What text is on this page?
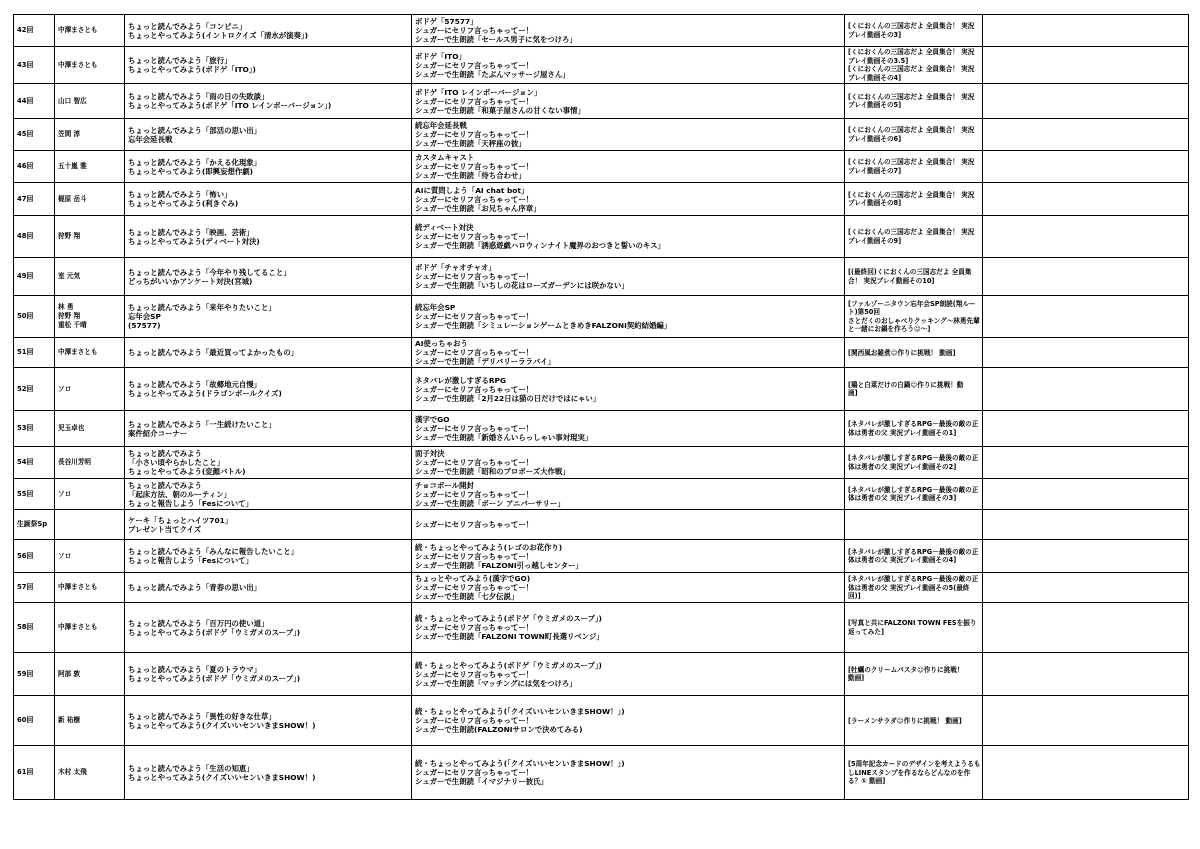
42回	中澤まさとも	ちょっと読んでみよう「コンビニ」
ちょっとやってみよう(イントロクイズ「清水が演奏」)	ボドゲ「57577」
シュガーにセリフ言っちゃってー！
シュガーで生朗読「セールス男子に気をつけろ」	[くにおくんの三国志だよ 全員集合！ 実況
プレイ動画その3]	

43回	中澤まさとも	ちょっと読んでみよう「旅行」
ちょっとやってみよう(ボドゲ「ITO」)	ボドゲ「ITO」
シュガーにセリフ言っちゃってー！
シュガーで生朗読「たぶんマッサージ屋さん」	[くにおくんの三国志だよ 全員集合！ 実況
プレイ動画その3.5]
[くにおくんの三国志だよ 全員集合！ 実況
プレイ動画その4]	

44回	山口 智広	ちょっと読んでみよう「雨の日の失敗談」
ちょっとやってみよう(ボドゲ「ITO レインボーバージョン」)	ボドゲ「ITO レインボーバージョン」
シュガーにセリフ言っちゃってー！
シュガーで生朗読「和菓子屋さんの甘くない事情」	[くにおくんの三国志だよ 全員集合！ 実況
プレイ動画その5]	

45回	笠間 淳	ちょっと読んでみよう「部活の思い出」
忘年会延長戦	続忘年会延長戦
シュガーにセリフ言っちゃってー！
シュガーで生朗読「天秤座の彼」	[くにおくんの三国志だよ 全員集合！ 実況
プレイ動画その6]	

46回	五十嵐 雅	ちょっと読んでみよう「かえる化現象」
ちょっとやってみよう(即興妄想作劇)	カスタムキャスト
シュガーにセリフ言っちゃってー！
シュガーで生朗読「待ち合わせ」	[くにおくんの三国志だよ 全員集合！ 実況
プレイ動画その7]	

47回	梶原 岳斗	ちょっと読んでみよう「怖い」
ちょっとやってみよう(利きぐみ)	AIに質問しよう「AI chat bot」
シュガーにセリフ言っちゃってー！
シュガーで生朗読「お兄ちゃん序章」	[くにおくんの三国志だよ 全員集合！ 実況
プレイ動画その8]	

48回	狩野 翔	ちょっと読んでみよう「映画、芸術」
ちょっとやってみよう(ディベート対決)	続ディベート対決
シュガーにセリフ言っちゃってー！
シュガーで生朗読「誘惑遊戯ハロウィンナイト魔界のおつきと誓いのキス」	[くにおくんの三国志だよ 全員集合！ 実況
プレイ動画その9]	

49回	室 元気	ちょっと読んでみよう「今年やり残してること」
どっちがいいかアンケート対決(宮城)	ボドゲ「チャオチャオ」
シュガーにセリフ言っちゃってー！
シュガーで生朗読「いちしの花はローズガーデンには咲かない」	[(最終回)くにおくんの三国志だよ 全員集
合！ 実況プレイ動画その10]	

50回	林 勇
狩野 翔
重松 千晴	ちょっと読んでみよう「来年やりたいこと」
忘年会SP
(57577)	続忘年会SP
シュガーにセリフ言っちゃってー！
シュガーで生朗読「シミュレーションゲームときめきFALZONI契約結婚編」	[ファルゾーニタウン忘年会SP朗読(翔ルー
ト)第50回
さとだくのおしゃべりクッキング～林勇先輩
と一緒にお鍋を作ろう☺～]	

51回	中澤まさとも	ちょっと読んでみよう「最近買ってよかったもの」	AI使っちゃおう
シュガーにセリフ言っちゃってー！
シュガーで生朗読「デリバリーララバイ」	[関西風お雑煮☺作りに挑戦！ 動画]	

52回	ソロ	ちょっと読んでみよう「故郷地元自慢」
ちょっとやってみよう(ドラゴンボールクイズ)	ネタバレが激しすぎるRPG
シュガーにセリフ言っちゃってー！
シュガーで生朗読「2月22日は猫の日だけではにゃい」	[鶏と白菜だけの白鍋☺作りに挑戦！動
画]	

53回	児玉卓也	ちょっと読んでみよう「一生続けたいこと」
案件紹介コーナー	漢字でGO
シュガーにセリフ言っちゃってー！
シュガーで生朗読「新婚さんいらっしゃい事対現実」	[ネタバレが激しすぎるRPG－最後の敵の正
体は勇者の父 実況プレイ動画その1]	

54回	長谷川芳明	ちょっと読んでみよう
「小さい頃やらかしたこと」
ちょっとやってみよう(変顔バトル)	面子対決
シュガーにセリフ言っちゃってー！
シュガーで生朗読「昭和のプロポーズ大作戦」	[ネタバレが激しすぎるRPG－最後の敵の正
体は勇者の父 実況プレイ動画その2]	

55回	ソロ	ちょっと読んでみよう
「起床方法、朝のルーティン」
ちょっと報告しよう「Fesについて」	チョコボール開封
シュガーにセリフ言っちゃってー！
シュガーで生朗読「ボーン アニバーサリー」	[ネタバレが激しすぎるRPG－最後の敵の正
体は勇者の父 実況プレイ動画その3]	

生誕祭Sp		ケーキ「ちょっとハイツ701」
プレゼント当てクイズ	シュガーにセリフ言っちゃってー！		

56回	ソロ	ちょっと読んでみよう「みんなに報告したいこと」
ちょっと報告しよう「Fesについて」	続・ちょっとやってみよう(レゴのお花作り)
シュガーにセリフ言っちゃってー！
シュガーで生朗読「FALZONI引っ越しセンター」	[ネタバレが激しすぎるRPG－最後の敵の正
体は勇者の父 実況プレイ動画その4]	

57回	中澤まさとも	ちょっと読んでみよう「青春の思い出」	ちょっとやってみよう(漢字でGO)
シュガーにセリフ言っちゃってー！
シュガーで生朗読「七夕伝説」	[ネタバレが激しすぎるRPG－最後の敵の正
体は勇者の父 実況プレイ動画その5(最終
回)]	

58回	中澤まさとも	ちょっと読んでみよう「百万円の使い道」
ちょっとやってみよう(ボドゲ「ウミガメのスープ」)	続・ちょっとやってみよう(ボドゲ「ウミガメのスープ」)
シュガーにセリフ言っちゃってー！
シュガーで生朗読「FALZONI TOWN町長選リベンジ」	[写真と共にFALZONI TOWN FESを振り
返ってみた]	

59回	阿部 敦	ちょっと読んでみよう「夏のトラウマ」
ちょっとやってみよう(ボドゲ「ウミガメのスープ」)	続・ちょっとやってみよう(ボドゲ「ウミガメのスープ」)
シュガーにセリフ言っちゃってー！
シュガーで生朗読「マッチングには気をつけろ」	[牡蠣のクリームパスタ☺作りに挑戦！
動画]	

60回	新 祐樹	ちょっと読んでみよう「異性の好きな仕草」
ちょっとやってみよう(クイズいいセンいきまSHOW！)	続・ちょっとやってみよう(「クイズいいセンいきまSHOW！」)
シュガーにセリフ言っちゃってー！
シュガーで生朗読(FALZONIサロンで決めてみる)	[ラーメンサラダ☺作りに挑戦！ 動画]	

61回	木村 太飛	ちょっと読んでみよう「生活の知恵」
ちょっとやってみよう(クイズいいセンいきまSHOW！)	続・ちょっとやってみよう(「クイズいいセンいきまSHOW！」)
シュガーにセリフ言っちゃってー！
シュガーで生朗読「イマジナリー彼氏」	[5周年記念カードのデザインを考えようるも
しLINEスタンプを作るならどんなのを作
る？① 動画]	
